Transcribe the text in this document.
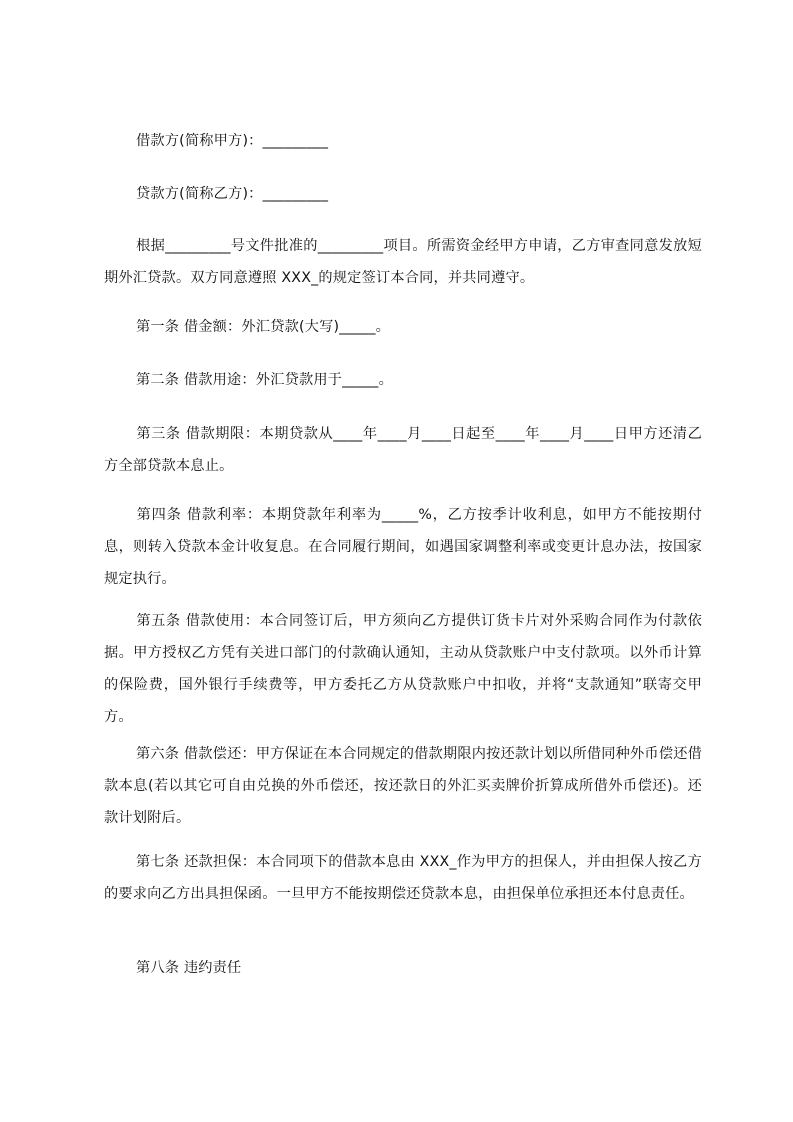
借款方(简称甲方)：_________

贷款方(简称乙方)：_________

根据_________号文件批准的_________项目。所需资金经甲方申请，乙方审查同意发放短期外汇贷款。双方同意遵照 XXX_的规定签订本合同，并共同遵守。

第一条 借金额：外汇贷款(大写)_____。

第二条 借款用途：外汇贷款用于_____。

第三条 借款期限：本期贷款从____年____月____日起至____年____月____日甲方还清乙方全部贷款本息止。

第四条 借款利率：本期贷款年利率为_____%，乙方按季计收利息，如甲方不能按期付息，则转入贷款本金计收复息。在合同履行期间，如遇国家调整利率或变更计息办法，按国家规定执行。

第五条 借款使用：本合同签订后，甲方须向乙方提供订货卡片对外采购合同作为付款依据。甲方授权乙方凭有关进口部门的付款确认通知，主动从贷款账户中支付款项。以外币计算的保险费，国外银行手续费等，甲方委托乙方从贷款账户中扣收，并将“支款通知”联寄交甲方。

第六条 借款偿还：甲方保证在本合同规定的借款期限内按还款计划以所借同种外币偿还借款本息(若以其它可自由兑换的外币偿还，按还款日的外汇买卖牌价折算成所借外币偿还)。还款计划附后。

第七条 还款担保：本合同项下的借款本息由 XXX_作为甲方的担保人，并由担保人按乙方的要求向乙方出具担保函。一旦甲方不能按期偿还贷款本息，由担保单位承担还本付息责任。

第八条 违约责任
